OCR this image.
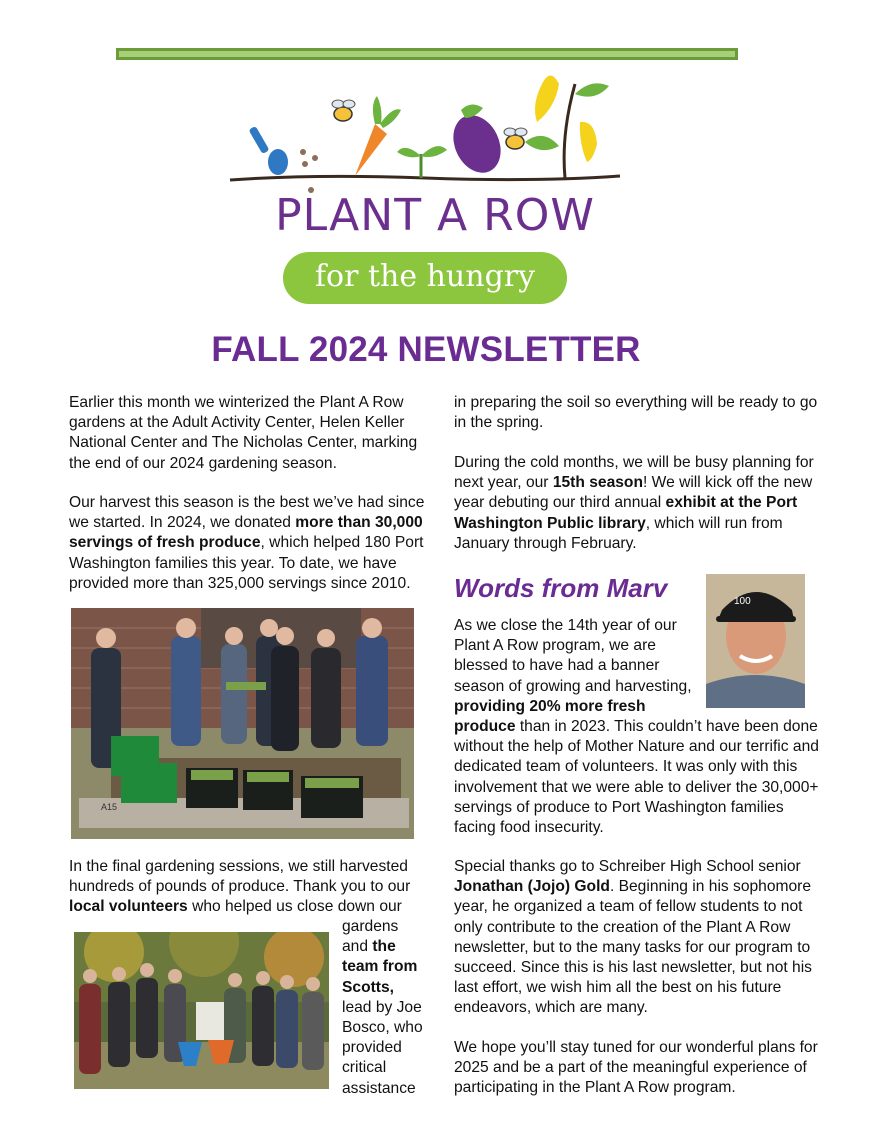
PLANT A ROW
for the hungry
FALL 2024 NEWSLETTER

Earlier this month we winterized the Plant A Row gardens at the Adult Activity Center, Helen Keller National Center and The Nicholas Center, marking the end of our 2024 gardening season.

Our harvest this season is the best we’ve had since we started. In 2024, we donated more than 30,000 servings of fresh produce, which helped 180 Port Washington families this year. To date, we have provided more than 325,000 servings since 2010.

A15

In the final gardening sessions, we still harvested hundreds of pounds of produce. Thank you to our local volunteers who helped us close down our

gardens
and the
team from
Scotts,
lead by Joe
Bosco, who
provided
critical
assistance

in preparing the soil so everything will be ready to go in the spring.

During the cold months, we will be busy planning for next year, our 15th season! We will kick off the new year debuting our third annual exhibit at the Port Washington Public library, which will run from January through February.

Words from Marv	100
As we close the 14th year of our
Plant A Row program, we are
blessed to have had a banner
season of growing and harvesting,
providing 20% more fresh

produce than in 2023. This couldn’t have been done without the help of Mother Nature and our terrific and dedicated team of volunteers. It was only with this involvement that we were able to deliver the 30,000+ servings of produce to Port Washington families facing food insecurity.

Special thanks go to Schreiber High School senior Jonathan (Jojo) Gold. Beginning in his sophomore year, he organized a team of fellow students to not only contribute to the creation of the Plant A Row newsletter, but to the many tasks for our program to succeed. Since this is his last newsletter, but not his last effort, we wish him all the best on his future endeavors, which are many.

We hope you’ll stay tuned for our wonderful plans for 2025 and be a part of the meaningful experience of participating in the Plant A Row program.
